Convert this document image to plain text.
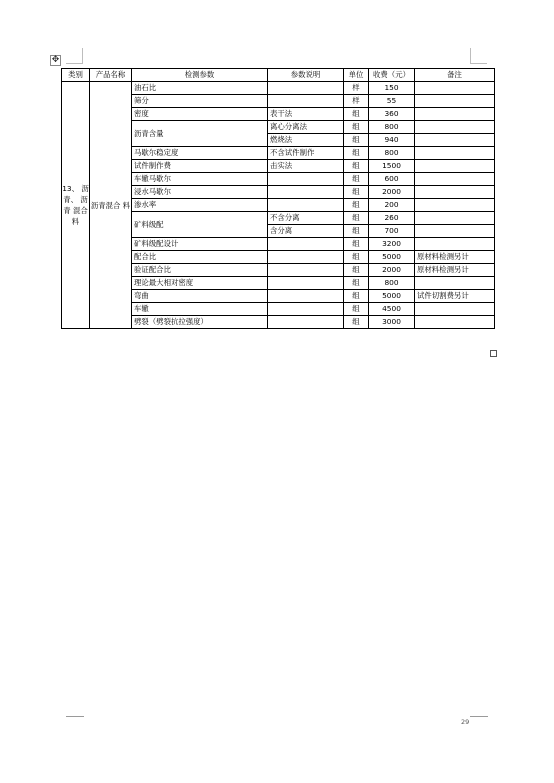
✥
类别	产品名称	检测参数	参数说明	单位	收费（元）	备注
13、 沥青、 沥青 混合 料	沥青混合 料	油石比		样	150	
		筛分		样	55	
		密度	表干法	组	360	
		沥青含量	离心分离法	组	800	
			燃烧法	组	940	
		马歇尔稳定度	不含试件制作	组	800	
		试件制作费	击实法	组	1500	
		车辙马歇尔		组	600	
		浸水马歇尔		组	2000	
		渗水率		组	200	
		矿料级配	不含分离	组	260	
			含分离	组	700	
		矿料级配设计		组	3200	
		配合比		组	5000	原材料检测另计
		验证配合比		组	2000	原材料检测另计
		理论最大相对密度		组	800	
		弯曲		组	5000	试件切割费另计
		车辙		组	4500	
		劈裂（劈裂抗拉强度）		组	3000	
29
